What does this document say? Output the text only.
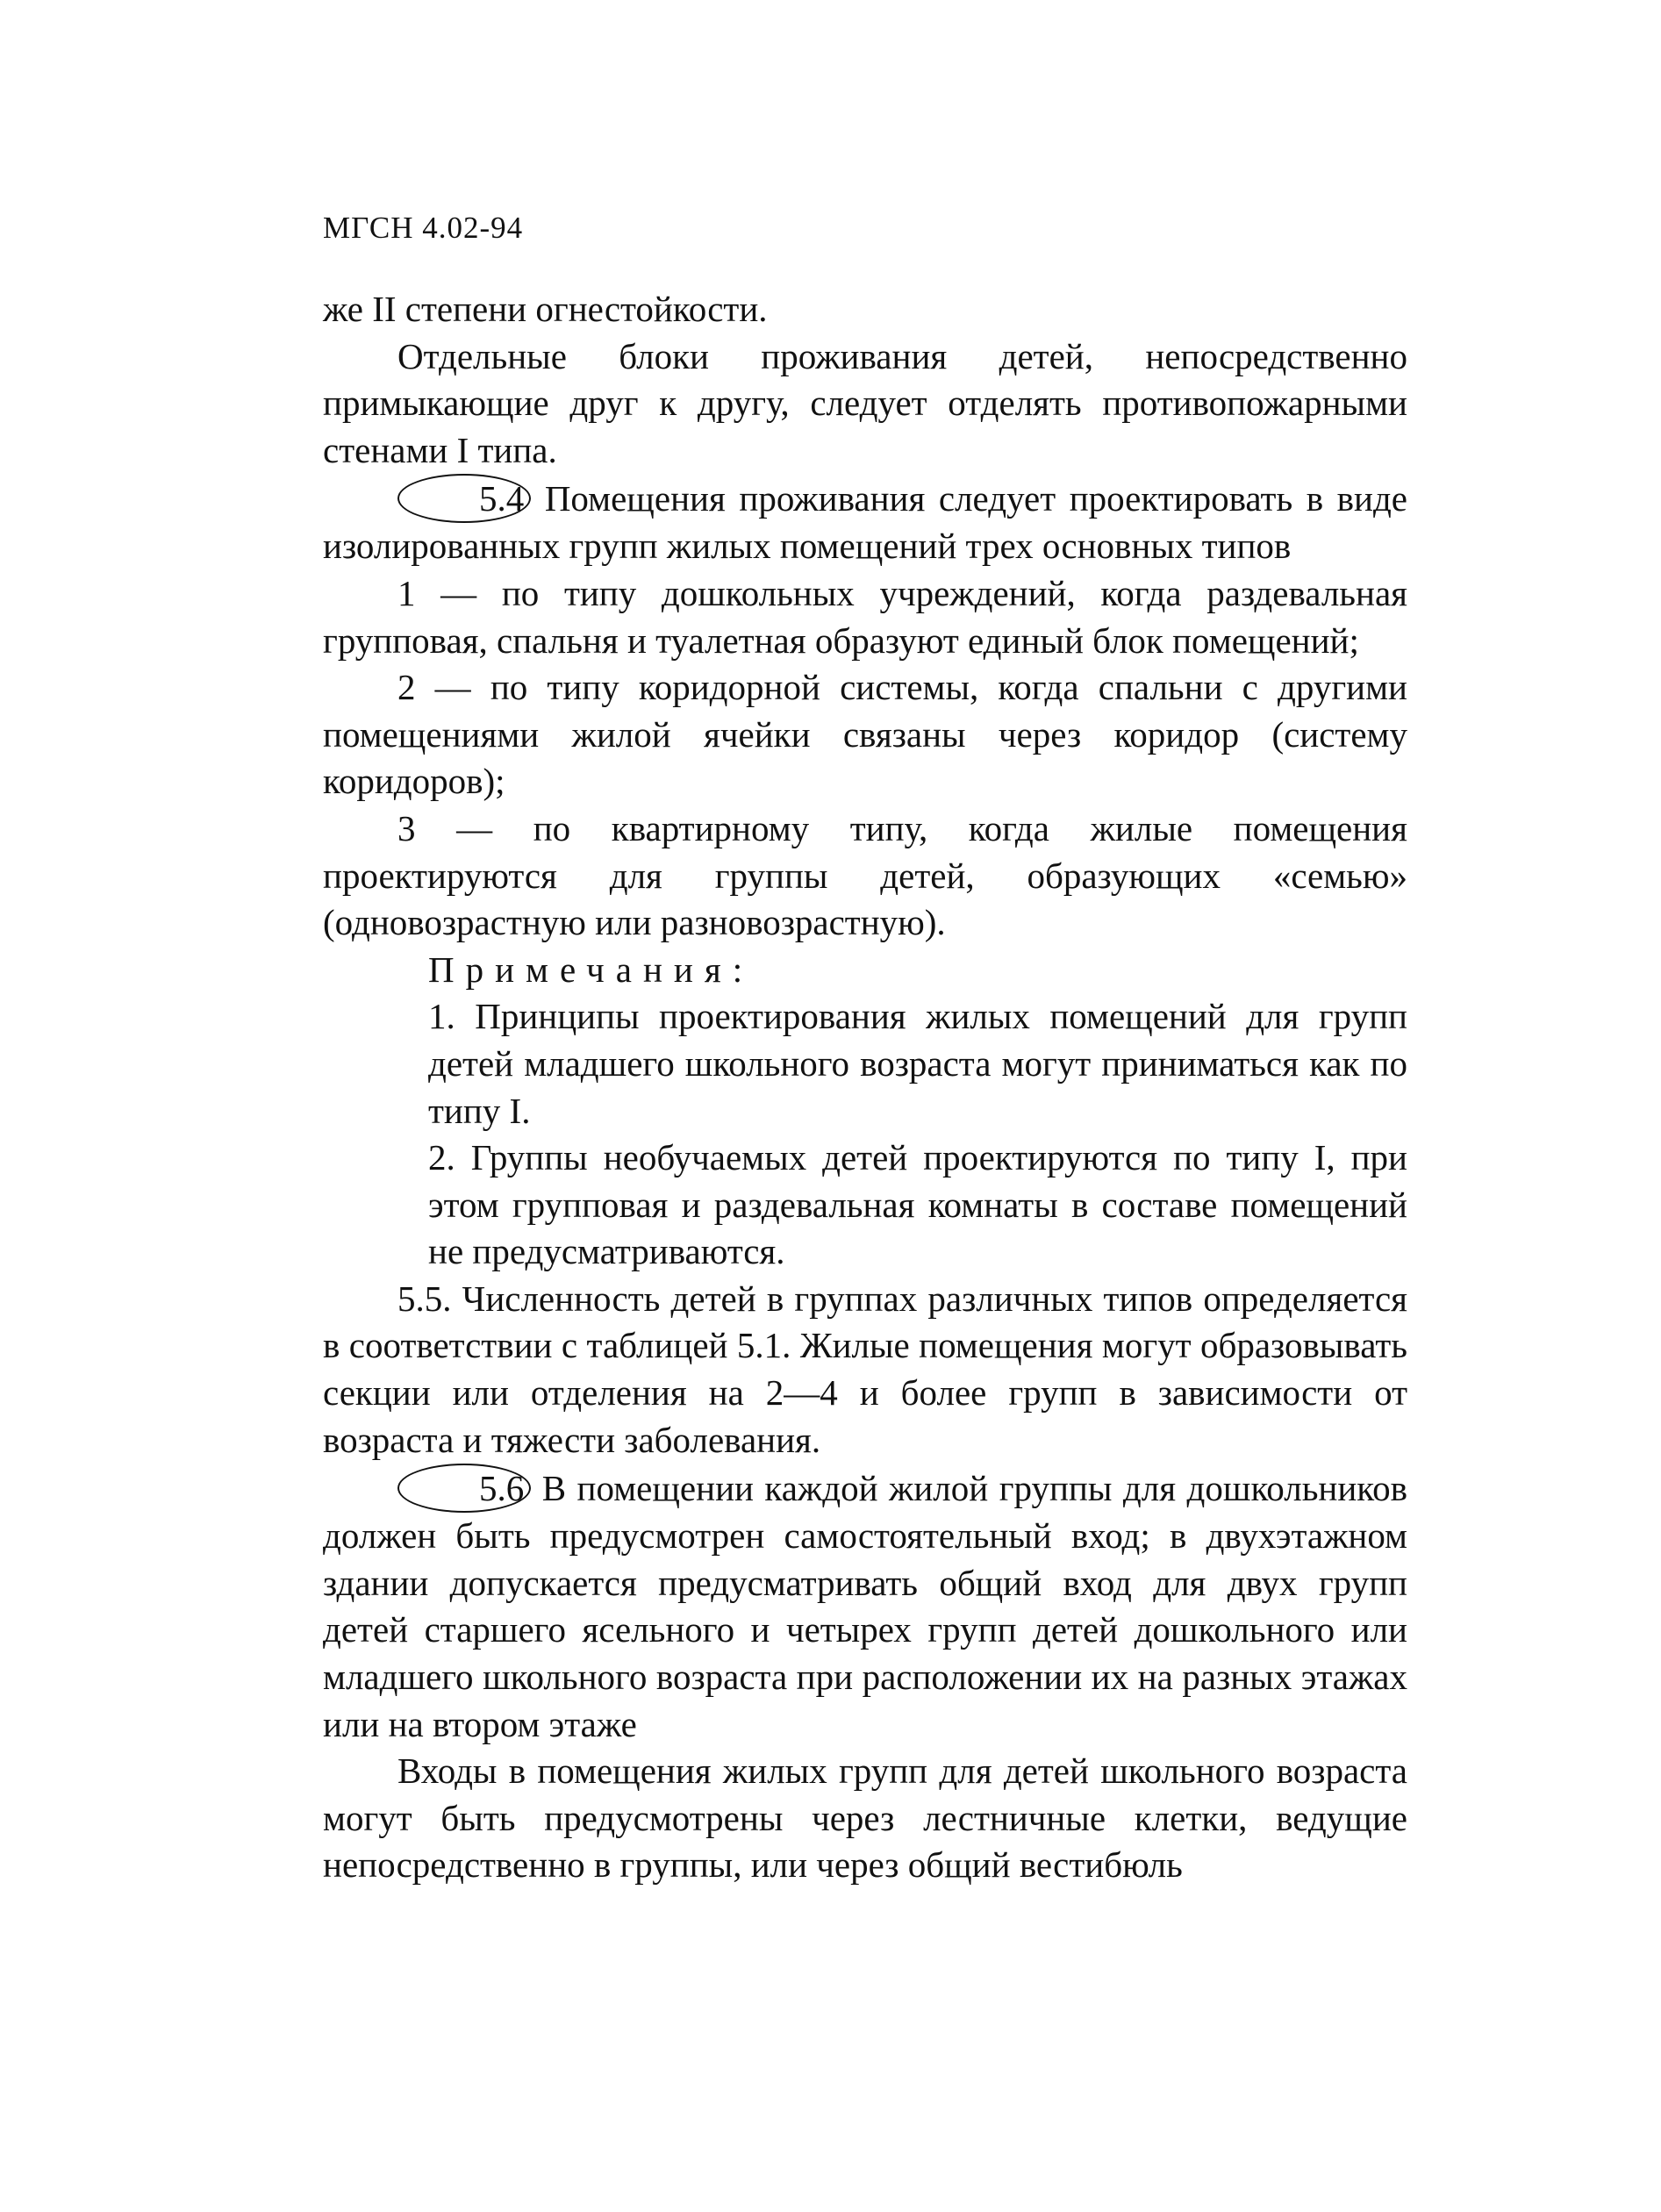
МГСН 4.02-94

же II степени огнестойкости.

Отдельные блоки проживания детей, непосредственно примыкающие друг к другу, следует отделять противопожарными стенами I типа.

5.4 Помещения проживания следует проектировать в виде изолированных групп жилых помещений трех основных типов

1 — по типу дошкольных учреждений, когда раздевальная групповая, спальня и туалетная образуют единый блок помещений;

2 — по типу коридорной системы, когда спальни с другими помещениями жилой ячейки связаны через коридор (систему коридоров);

3 — по квартирному типу, когда жилые помещения проектируются для группы детей, образующих «семью» (одновозрастную или разновозрастную).

Примечания:

1. Принципы проектирования жилых помещений для групп детей младшего школьного возраста могут приниматься как по типу I.

2. Группы необучаемых детей проектируются по типу I, при этом групповая и раздевальная комнаты в составе помещений не предусматриваются.

5.5. Численность детей в группах различных типов определяется в соответствии с таблицей 5.1. Жилые помещения могут образовывать секции или отделения на 2—4 и более групп в зависимости от возраста и тяжести заболевания.

5.6 В помещении каждой жилой группы для дошкольников должен быть предусмотрен самостоятельный вход; в двухэтажном здании допускается предусматривать общий вход для двух групп детей старшего ясельного и четырех групп детей дошкольного или младшего школьного возраста при расположении их на разных этажах или на втором этаже

Входы в помещения жилых групп для детей школьного возраста могут быть предусмотрены через лестничные клетки, ведущие непосредственно в группы, или через общий вестибюль
